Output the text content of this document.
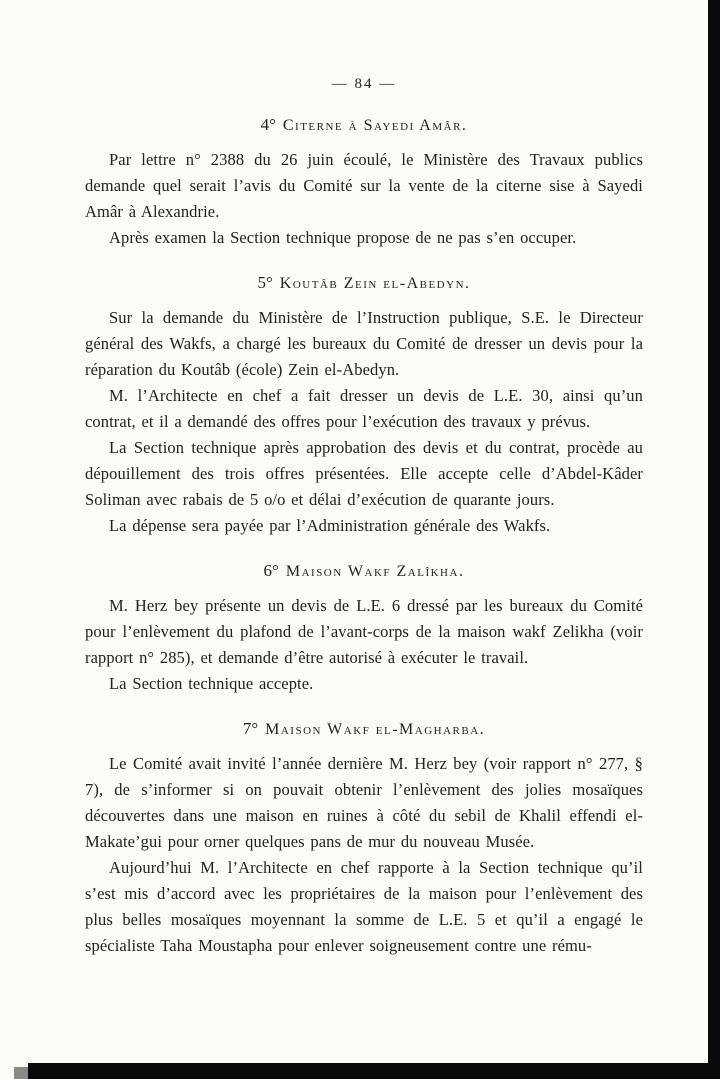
— 84 —
4° Citerne à Sayedi Amâr.

Par lettre n° 2388 du 26 juin écoulé, le Ministère des Travaux publics demande quel serait l’avis du Comité sur la vente de la citerne sise à Sayedi Amâr à Alexandrie.

Après examen la Section technique propose de ne pas s’en occuper.

5° Koutâb Zein el-Abedyn.

Sur la demande du Ministère de l’Instruction publique, S.E. le Directeur général des Wakfs, a chargé les bureaux du Comité de dresser un devis pour la réparation du Koutâb (école) Zein el-Abedyn.

M. l’Architecte en chef a fait dresser un devis de L.E. 30, ainsi qu’un contrat, et il a demandé des offres pour l’exécution des travaux y prévus.

La Section technique après approbation des devis et du contrat, procède au dépouillement des trois offres présentées. Elle accepte celle d’Abdel-Kâder Soliman avec rabais de 5 o/o et délai d’exécution de quarante jours.

La dépense sera payée par l’Administration générale des Wakfs.

6° Maison Wakf Zalîkha.

M. Herz bey présente un devis de L.E. 6 dressé par les bureaux du Comité pour l’enlèvement du plafond de l’avant-corps de la maison wakf Zelikha (voir rapport n° 285), et demande d’être autorisé à exécuter le travail.

La Section technique accepte.

7° Maison Wakf el-Magharba.

Le Comité avait invité l’année dernière M. Herz bey (voir rapport n° 277, § 7), de s’informer si on pouvait obtenir l’enlèvement des jolies mosaïques découvertes dans une maison en ruines à côté du sebil de Khalil effendi el-Makate’gui pour orner quelques pans de mur du nouveau Musée.

Aujourd’hui M. l’Architecte en chef rapporte à la Section technique qu’il s’est mis d’accord avec les propriétaires de la maison pour l’enlèvement des plus belles mosaïques moyennant la somme de L.E. 5 et qu’il a engagé le spécialiste Taha Moustapha pour enlever soigneusement contre une rému-
